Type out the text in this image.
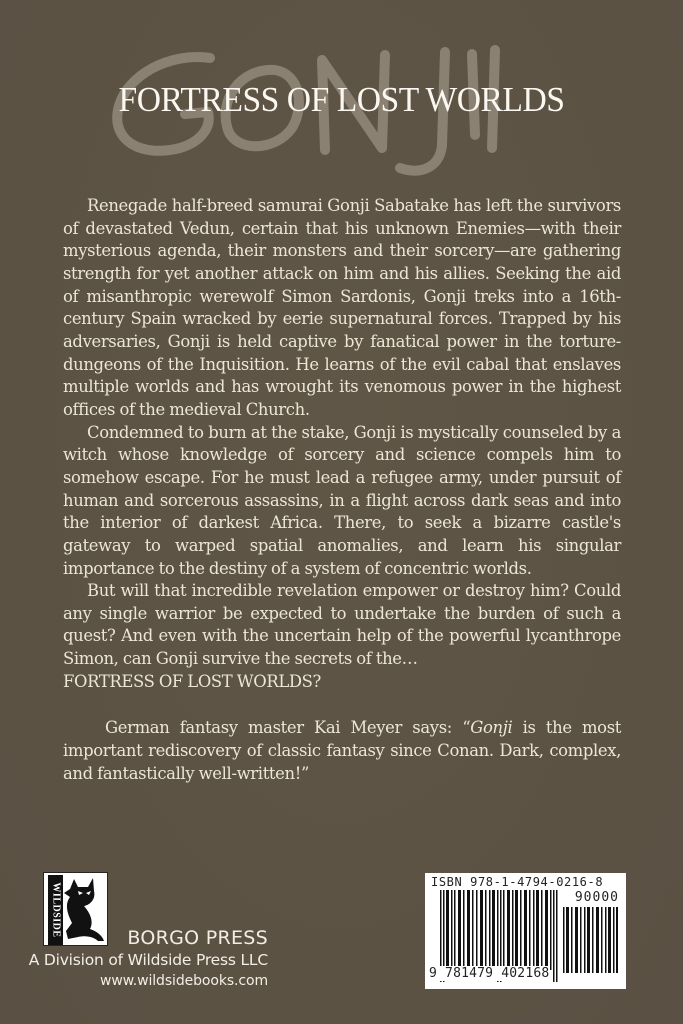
FORTRESS OF LOST WORLDS

Renegade half-breed samurai Gonji Sabatake has left the survivors of devastated Vedun, certain that his unknown Enemies—with their mysterious agenda, their monsters and their sorcery—are gathering strength for yet another attack on him and his allies. Seeking the aid of misanthropic werewolf Simon Sardonis, Gonji treks into a 16th-century Spain wracked by eerie supernatural forces. Trapped by his adversaries, Gonji is held captive by fanatical power in the torture-dungeons of the Inquisition. He learns of the evil cabal that enslaves multiple worlds and has wrought its venomous power in the highest offices of the medieval Church.

Condemned to burn at the stake, Gonji is mystically counseled by a witch whose knowledge of sorcery and science compels him to somehow escape. For he must lead a refugee army, under pursuit of human and sorcerous assassins, in a flight across dark seas and into the interior of darkest Africa. There, to seek a bizarre castle's gateway to warped spatial anomalies, and learn his singular importance to the destiny of a system of concentric worlds.

But will that incredible revelation empower or destroy him? Could any single warrior be expected to undertake the burden of such a quest? And even with the uncertain help of the powerful lycanthrope Simon, can Gonji survive the secrets of the…

FORTRESS OF LOST WORLDS?

German fantasy master Kai Meyer says: “Gonji is the most important rediscovery of classic fantasy since Conan. Dark, complex, and fantastically well-written!”

WILDSIDE
BORGO PRESS
A Division of Wildside Press LLC
www.wildsidebooks.com
ISBN 978-1-4794-0216-8
90000
9 781479 402168
